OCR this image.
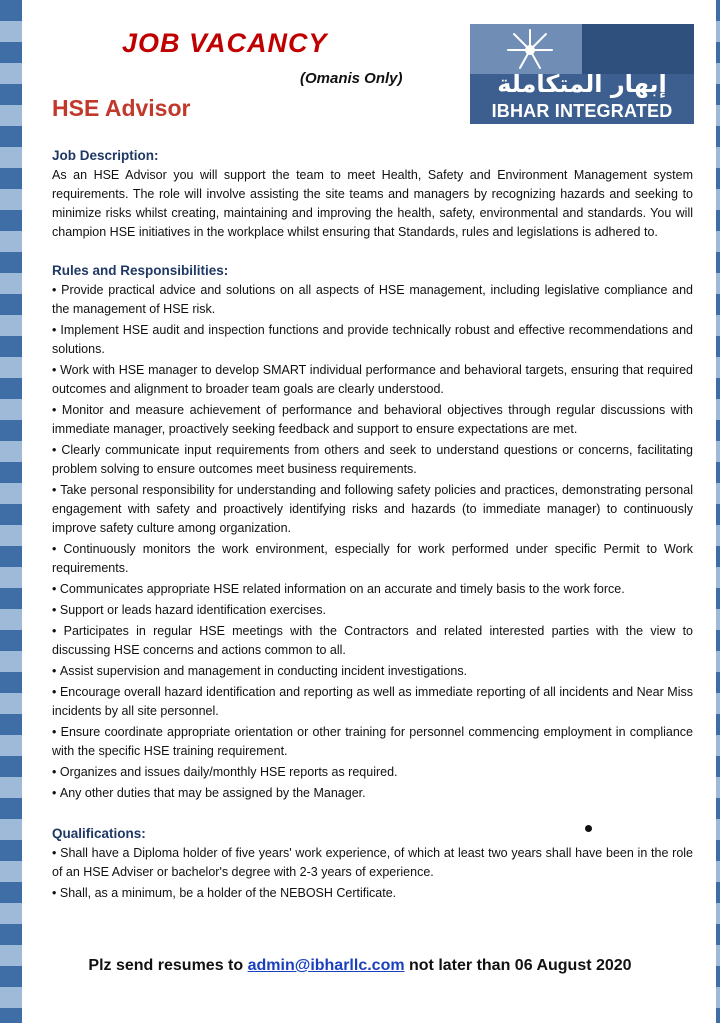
JOB VACANCY
(Omanis Only)
HSE Advisor
إبهار المتكاملة
IBHAR INTEGRATED
Job Description:

As an HSE Advisor you will support the team to meet Health, Safety and Environment Management system requirements. The role will involve assisting the site teams and managers by recognizing hazards and seeking to minimize risks whilst creating, maintaining and improving the health, safety, environmental and standards. You will champion HSE initiatives in the workplace whilst ensuring that Standards, rules and legislations is adhered to.

Rules and Responsibilities:
• Provide practical advice and solutions on all aspects of HSE management, including legislative compliance and the management of HSE risk.
• Implement HSE audit and inspection functions and provide technically robust and effective recommendations and solutions.
• Work with HSE manager to develop SMART individual performance and behavioral targets, ensuring that required outcomes and alignment to broader team goals are clearly understood.
• Monitor and measure achievement of performance and behavioral objectives through regular discussions with immediate manager, proactively seeking feedback and support to ensure expectations are met.
• Clearly communicate input requirements from others and seek to understand questions or concerns, facilitating problem solving to ensure outcomes meet business requirements.
• Take personal responsibility for understanding and following safety policies and practices, demonstrating personal engagement with safety and proactively identifying risks and hazards (to immediate manager) to continuously improve safety culture among organization.
• Continuously monitors the work environment, especially for work performed under specific Permit to Work requirements.
• Communicates appropriate HSE related information on an accurate and timely basis to the work force.
• Support or leads hazard identification exercises.
• Participates in regular HSE meetings with the Contractors and related interested parties with the view to discussing HSE concerns and actions common to all.
• Assist supervision and management in conducting incident investigations.
• Encourage overall hazard identification and reporting as well as immediate reporting of all incidents and Near Miss incidents by all site personnel.
• Ensure coordinate appropriate orientation or other training for personnel commencing employment in compliance with the specific HSE training requirement.
• Organizes and issues daily/monthly HSE reports as required.
• Any other duties that may be assigned by the Manager.
Qualifications:
• Shall have a Diploma holder of five years' work experience, of which at least two years shall have been in the role of an HSE Adviser or bachelor's degree with 2-3 years of experience.
• Shall, as a minimum, be a holder of the NEBOSH Certificate.
Plz send resumes to admin@ibharllc.com not later than 06 August 2020
